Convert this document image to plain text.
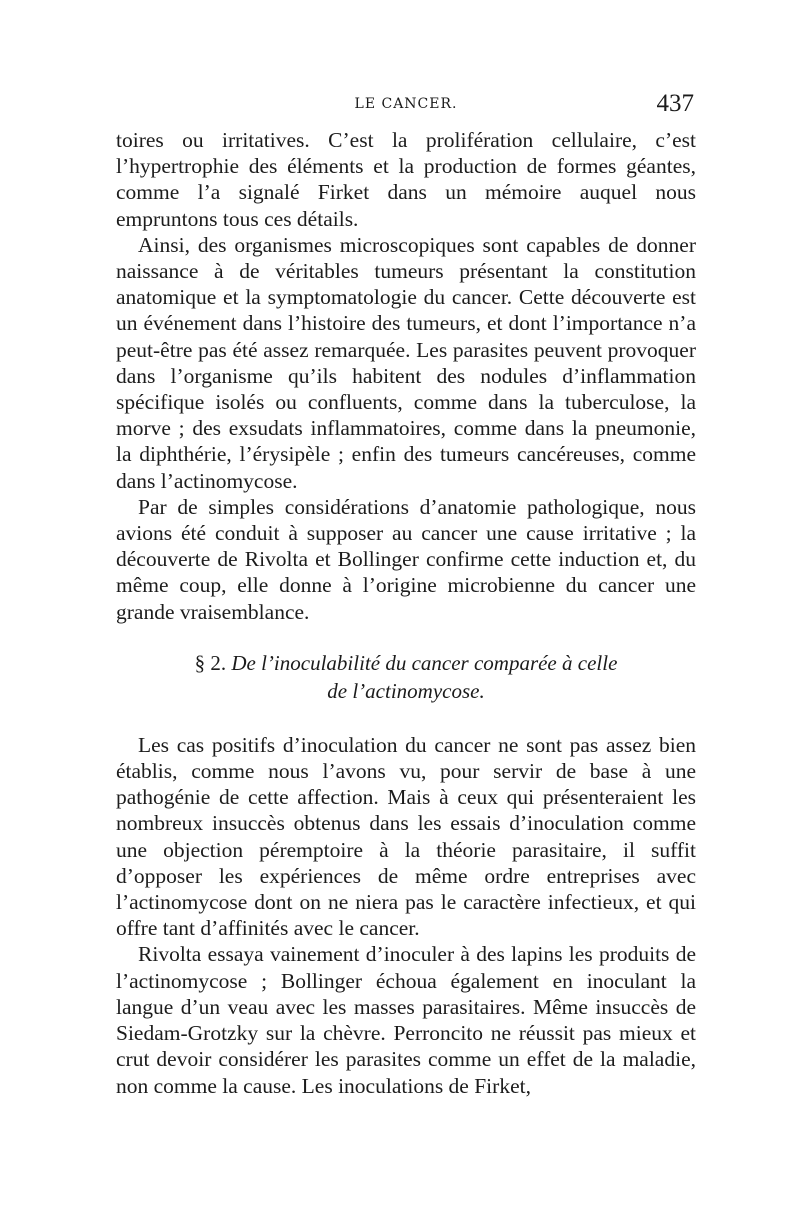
LE CANCER.	437

toires ou irritatives. C’est la prolifération cellulaire, c’est l’hypertrophie des éléments et la production de formes géantes, comme l’a signalé Firket dans un mémoire auquel nous empruntons tous ces détails.

Ainsi, des organismes microscopiques sont capables de donner naissance à de véritables tumeurs présentant la constitution anatomique et la symptomatologie du cancer. Cette découverte est un événement dans l’histoire des tumeurs, et dont l’importance n’a peut-être pas été assez remarquée. Les parasites peuvent provoquer dans l’organisme qu’ils habitent des nodules d’inflammation spécifique isolés ou confluents, comme dans la tuberculose, la morve ; des exsudats inflammatoires, comme dans la pneumonie, la diphthérie, l’érysipèle ; enfin des tumeurs cancéreuses, comme dans l’actinomycose.

Par de simples considérations d’anatomie pathologique, nous avions été conduit à supposer au cancer une cause irritative ; la découverte de Rivolta et Bollinger confirme cette induction et, du même coup, elle donne à l’origine microbienne du cancer une grande vraisemblance.

§ 2. De l’inoculabilité du cancer comparée à celle
de l’actinomycose.

Les cas positifs d’inoculation du cancer ne sont pas assez bien établis, comme nous l’avons vu, pour servir de base à une pathogénie de cette affection. Mais à ceux qui présenteraient les nombreux insuccès obtenus dans les essais d’inoculation comme une objection péremptoire à la théorie parasitaire, il suffit d’opposer les expériences de même ordre entreprises avec l’actinomycose dont on ne niera pas le caractère infectieux, et qui offre tant d’affinités avec le cancer.

Rivolta essaya vainement d’inoculer à des lapins les produits de l’actinomycose ; Bollinger échoua également en inoculant la langue d’un veau avec les masses parasitaires. Même insuccès de Siedam-Grotzky sur la chèvre. Perroncito ne réussit pas mieux et crut devoir considérer les parasites comme un effet de la maladie, non comme la cause. Les inoculations de Firket,
